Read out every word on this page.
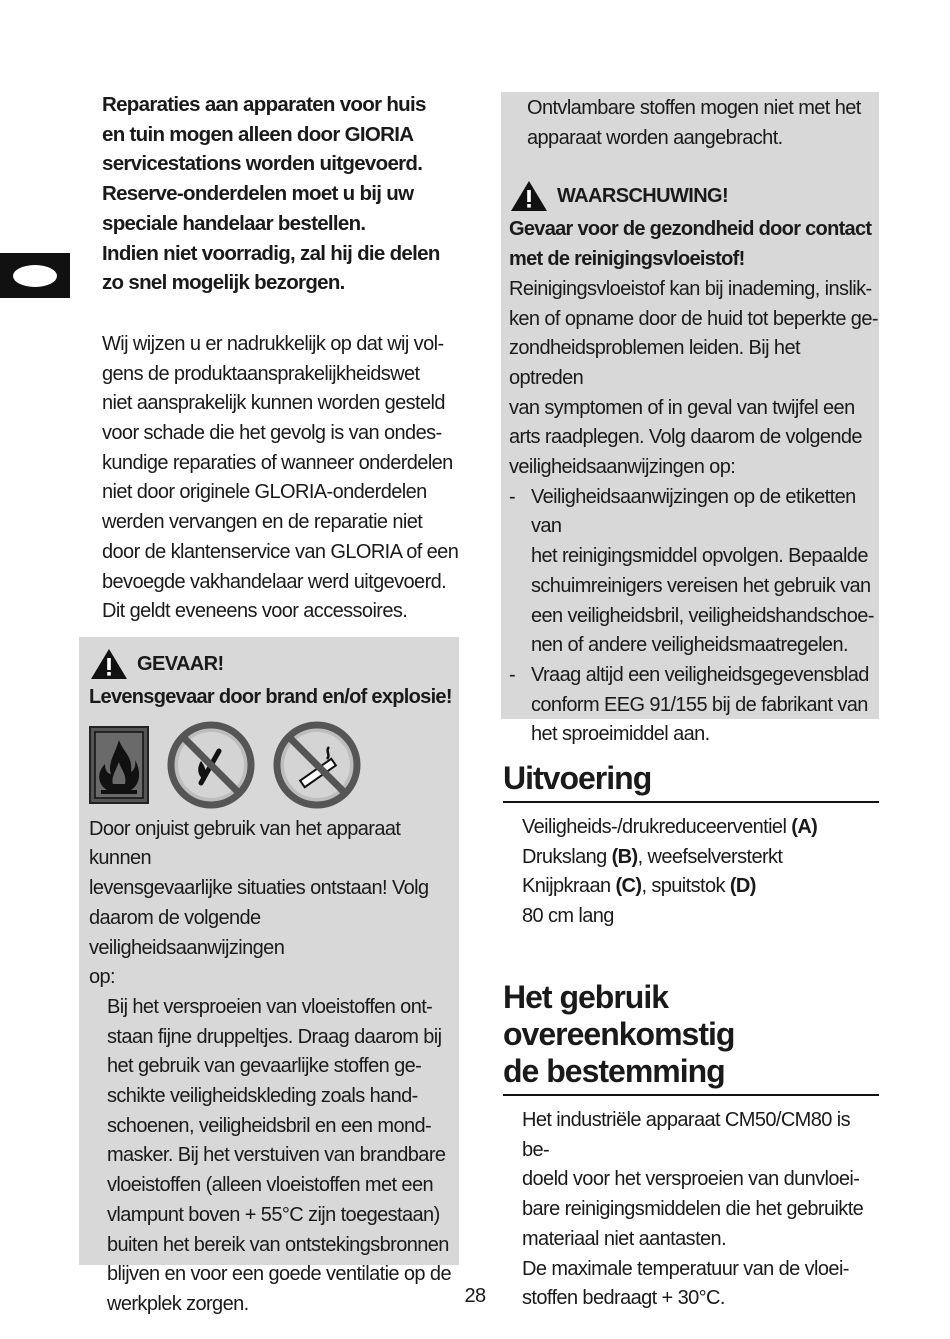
Reparaties aan apparaten voor huis
en tuin mogen alleen door GIORIA
servicestations worden uitgevoerd.
Reserve-onderdelen moet u bij uw
speciale handelaar bestellen.
Indien niet voorradig, zal hij die delen
zo snel mogelijk bezorgen.
Wij wijzen u er nadrukkelijk op dat wij vol-
gens de produktaansprakelijkheidswet
niet aansprakelijk kunnen worden gesteld
voor schade die het gevolg is van ondes-
kundige reparaties of wanneer onderdelen
niet door originele GLORIA-onderdelen
werden vervangen en de reparatie niet
door de klantenservice van GLORIA of een
bevoegde vakhandelaar werd uitgevoerd.
Dit geldt eveneens voor accessoires.
GEVAAR!
Levensgevaar door brand en/of explosie!
Door onjuist gebruik van het apparaat kunnen
levensgevaarlijke situaties ontstaan! Volg
daarom de volgende veiligheidsaanwijzingen
op:
Bij het versproeien van vloeistoffen ont-
staan fijne druppeltjes. Draag daarom bij
het gebruik van gevaarlijke stoffen ge-
schikte veiligheidskleding zoals hand-
schoenen, veiligheidsbril en een mond-
masker. Bij het verstuiven van brandbare
vloeistoffen (alleen vloeistoffen met een
vlampunt boven + 55°C zijn toegestaan)
buiten het bereik van ontstekingsbronnen
blijven en voor een goede ventilatie op de
werkplek zorgen.
Ontvlambare stoffen mogen niet met het
apparaat worden aangebracht.
WAARSCHUWING!
Gevaar voor de gezondheid door contact
met de reinigingsvloeistof!
Reinigingsvloeistof kan bij inademing, inslik-
ken of opname door de huid tot beperkte ge-
zondheidsproblemen leiden. Bij het optreden
van symptomen of in geval van twijfel een
arts raadplegen. Volg daarom de volgende
veiligheidsaanwijzingen op:
- Veiligheidsaanwijzingen op de etiketten van
het reinigingsmiddel opvolgen. Bepaalde
schuimreinigers vereisen het gebruik van
een veiligheidsbril, veiligheidshandschoe-
nen of andere veiligheidsmaatregelen.
- Vraag altijd een veiligheidsgegevensblad
conform EEG 91/155 bij de fabrikant van
het sproeimiddel aan.
Uitvoering
Veiligheids-/drukreduceerventiel (A)
Drukslang (B), weefselversterkt
Knijpkraan (C), spuitstok (D)
80 cm lang
Het gebruik overeenkomstig
de bestemming
Het industriële apparaat CM50/CM80 is be-
doeld voor het versproeien van dunvloei-
bare reinigingsmiddelen die het gebruikte
materiaal niet aantasten.
De maximale temperatuur van de vloei-
stoffen bedraagt + 30°C.
28
